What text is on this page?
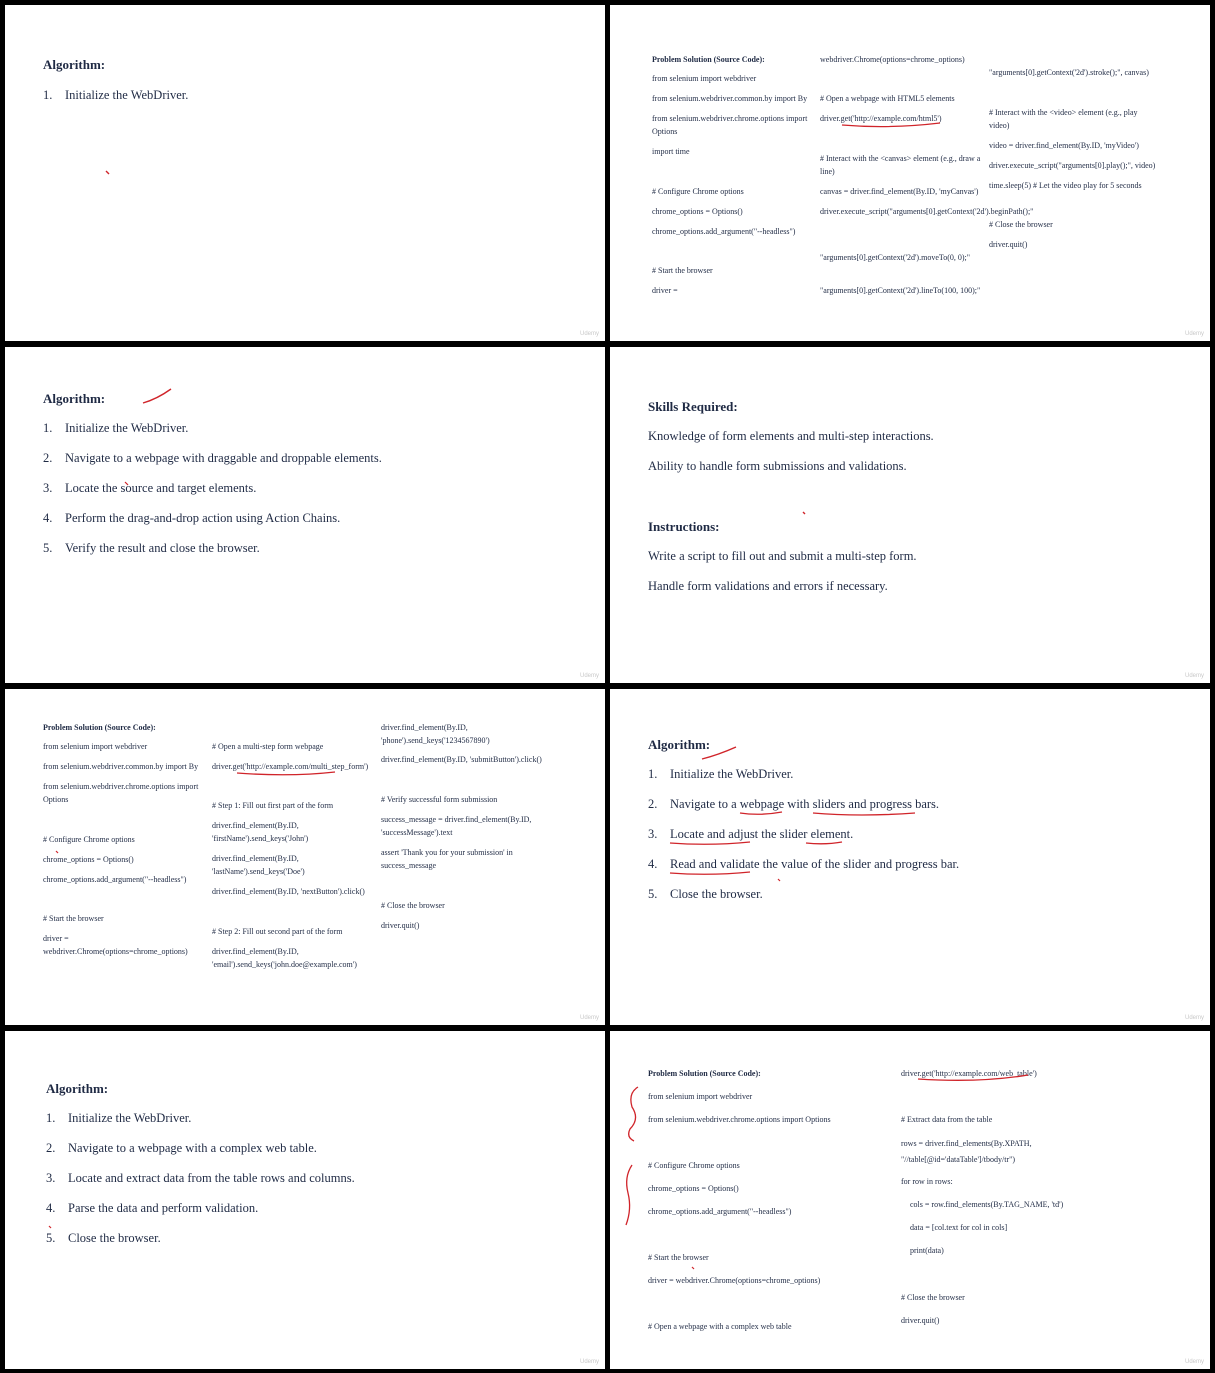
Algorithm:
1. Initialize the WebDriver.
Udemy
Problem Solution (Source Code):
from selenium import webdriver
from selenium.webdriver.common.by import By
from selenium.webdriver.chrome.options import Options
import time
# Configure Chrome options
chrome_options = Options()
chrome_options.add_argument("--headless")
# Start the browser
driver =
webdriver.Chrome(options=chrome_options)
# Open a webpage with HTML5 elements
driver.get('http://example.com/html5')
# Interact with the <canvas> element (e.g., draw a line)
canvas = driver.find_element(By.ID, 'myCanvas')
driver.execute_script("arguments[0].getContext('2d').beginPath();"
"arguments[0].getContext('2d').moveTo(0, 0);"
"arguments[0].getContext('2d').lineTo(100, 100);"
"arguments[0].getContext('2d').stroke();", canvas)
# Interact with the <video> element (e.g., play video)
video = driver.find_element(By.ID, 'myVideo')
driver.execute_script("arguments[0].play();", video)
time.sleep(5) # Let the video play for 5 seconds
# Close the browser
driver.quit()
Udemy
Algorithm:
1. Initialize the WebDriver.
2. Navigate to a webpage with draggable and droppable elements.
3. Locate the source and target elements.
4. Perform the drag-and-drop action using Action Chains.
5. Verify the result and close the browser.
Udemy
Skills Required:
Knowledge of form elements and multi-step interactions.
Ability to handle form submissions and validations.
Instructions:
Write a script to fill out and submit a multi-step form.
Handle form validations and errors if necessary.
Udemy
Problem Solution (Source Code):
from selenium import webdriver
from selenium.webdriver.common.by import By
from selenium.webdriver.chrome.options import Options
# Configure Chrome options
chrome_options = Options()
chrome_options.add_argument("--headless")
# Start the browser
driver = webdriver.Chrome(options=chrome_options)
# Open a multi-step form webpage
driver.get('http://example.com/multi_step_form')
# Step 1: Fill out first part of the form
driver.find_element(By.ID, 'firstName').send_keys('John')
driver.find_element(By.ID, 'lastName').send_keys('Doe')
driver.find_element(By.ID, 'nextButton').click()
# Step 2: Fill out second part of the form
driver.find_element(By.ID, 'email').send_keys('john.doe@example.com')
driver.find_element(By.ID, 'phone').send_keys('1234567890')
driver.find_element(By.ID, 'submitButton').click()
# Verify successful form submission
success_message = driver.find_element(By.ID, 'successMessage').text
assert 'Thank you for your submission' in success_message
# Close the browser
driver.quit()
Udemy
Algorithm:
1. Initialize the WebDriver.
2. Navigate to a webpage with sliders and progress bars.
3. Locate and adjust the slider element.
4. Read and validate the value of the slider and progress bar.
5. Close the browser.
Udemy
Algorithm:
1. Initialize the WebDriver.
2. Navigate to a webpage with a complex web table.
3. Locate and extract data from the table rows and columns.
4. Parse the data and perform validation.
5. Close the browser.
Udemy
Problem Solution (Source Code):
from selenium import webdriver
from selenium.webdriver.chrome.options import Options
# Configure Chrome options
chrome_options = Options()
chrome_options.add_argument("--headless")
# Start the browser
driver = webdriver.Chrome(options=chrome_options)
# Open a webpage with a complex web table
driver.get('http://example.com/web_table')
# Extract data from the table
rows = driver.find_elements(By.XPATH, "//table[@id='dataTable']/tbody/tr")
for row in rows:
cols = row.find_elements(By.TAG_NAME, 'td')
data = [col.text for col in cols]
print(data)
# Close the browser
driver.quit()
Udemy
